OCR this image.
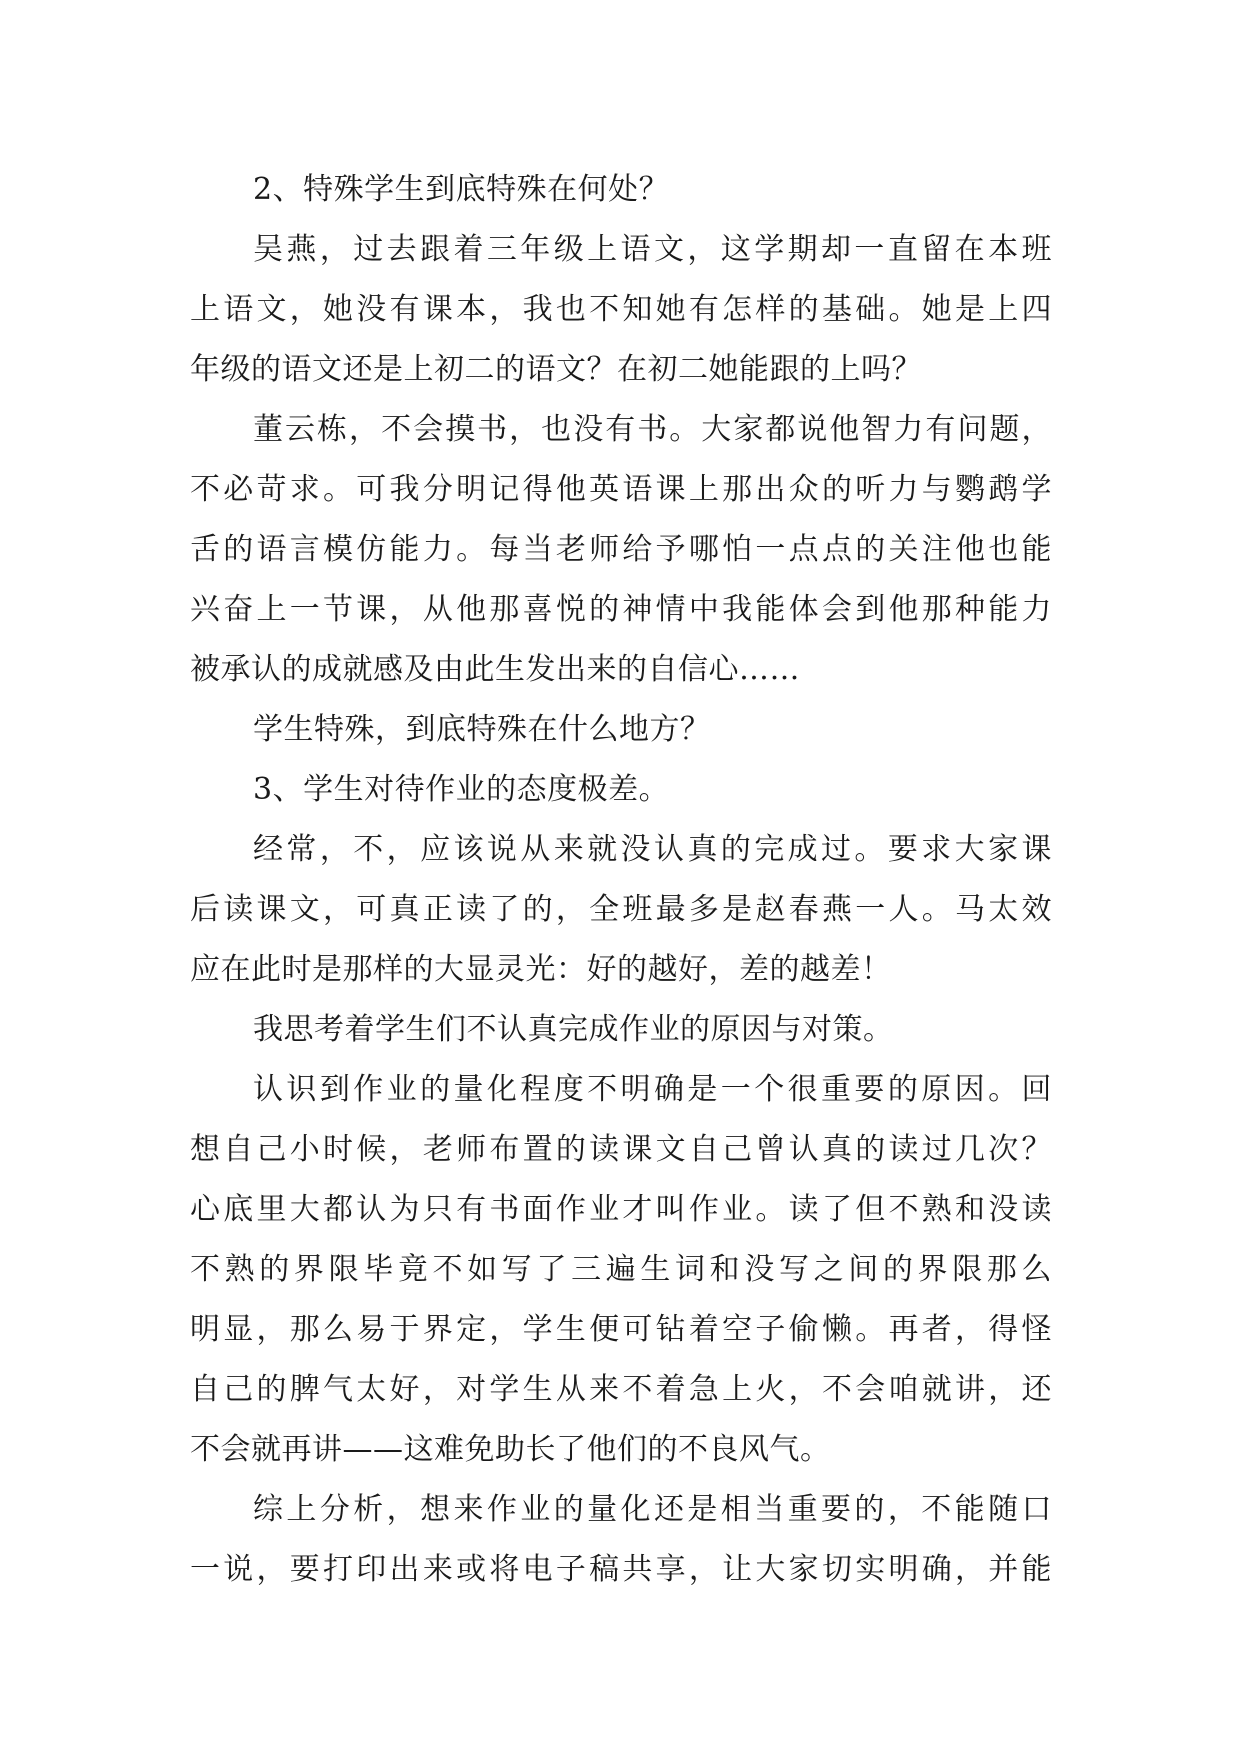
2、特殊学生到底特殊在何处？
吴燕，过去跟着三年级上语文，这学期却一直留在本班
上语文，她没有课本，我也不知她有怎样的基础。她是上四
年级的语文还是上初二的语文？在初二她能跟的上吗？
董云栋，不会摸书，也没有书。大家都说他智力有问题，
不必苛求。可我分明记得他英语课上那出众的听力与鹦鹉学
舌的语言模仿能力。每当老师给予哪怕一点点的关注他也能
兴奋上一节课，从他那喜悦的神情中我能体会到他那种能力
被承认的成就感及由此生发出来的自信心……
学生特殊，到底特殊在什么地方？
3、学生对待作业的态度极差。
经常，不，应该说从来就没认真的完成过。要求大家课
后读课文，可真正读了的，全班最多是赵春燕一人。马太效
应在此时是那样的大显灵光：好的越好，差的越差！
我思考着学生们不认真完成作业的原因与对策。
认识到作业的量化程度不明确是一个很重要的原因。回
想自己小时候，老师布置的读课文自己曾认真的读过几次？
心底里大都认为只有书面作业才叫作业。读了但不熟和没读
不熟的界限毕竟不如写了三遍生词和没写之间的界限那么
明显，那么易于界定，学生便可钻着空子偷懒。再者，得怪
自己的脾气太好，对学生从来不着急上火，不会咱就讲，还
不会就再讲——这难免助长了他们的不良风气。
综上分析，想来作业的量化还是相当重要的，不能随口
一说，要打印出来或将电子稿共享，让大家切实明确，并能
